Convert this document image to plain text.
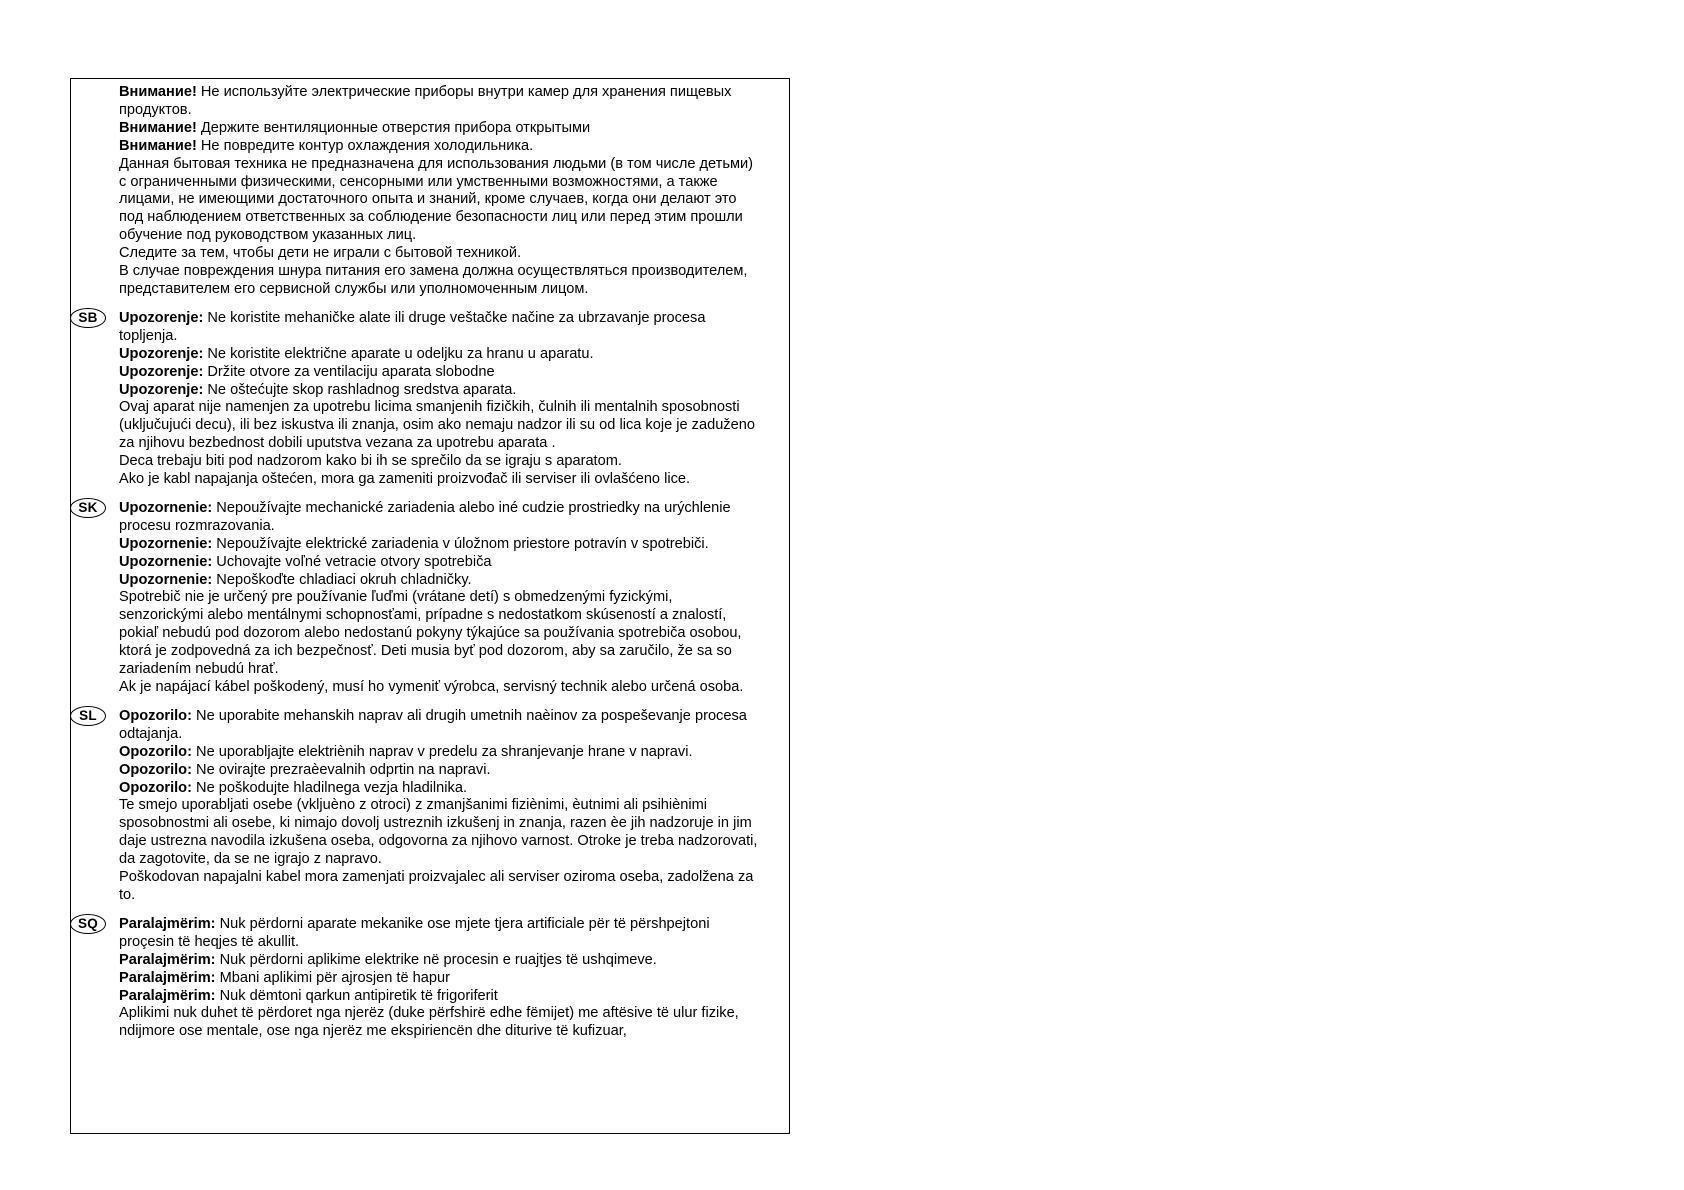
Внимание! Не используйте электрические приборы внутри камер для хранения пищевых продуктов.

Внимание! Держите вентиляционные отверстия прибора открытыми

Внимание! Не повредите контур охлаждения холодильника.

Данная бытовая техника не предназначена для использования людьми (в том числе детьми) с ограниченными физическими, сенсорными или умственными возможностями, а также лицами, не имеющими достаточного опыта и знаний, кроме случаев, когда они делают это под наблюдением ответственных за соблюдение безопасности лиц или перед этим прошли обучение под руководством указанных лиц.

Следите за тем, чтобы дети не играли с бытовой техникой.

В случае повреждения шнура питания его замена должна осуществляться производителем, представителем его сервисной службы или уполномоченным лицом.

SB	Upozorenje: Ne koristite mehaničke alate ili druge veštačke načine za ubrzavanje procesa topljenja.

Upozorenje: Ne koristite električne aparate u odeljku za hranu u aparatu.

Upozorenje: Držite otvore za ventilaciju aparata slobodne

Upozorenje: Ne oštećujte skop rashladnog sredstva aparata.

Ovaj aparat nije namenjen za upotrebu licima smanjenih fizičkih, čulnih ili mentalnih sposobnosti (uključujući decu), ili bez iskustva ili znanja, osim ako nemaju nadzor ili su od lica koje je zaduženo za njihovu bezbednost dobili uputstva vezana za upotrebu aparata .

Deca trebaju biti pod nadzorom kako bi ih se sprečilo da se igraju s aparatom.

Ako je kabl napajanja oštećen, mora ga zameniti proizvođač ili serviser ili ovlašćeno lice.

SK	Upozornenie: Nepoužívajte mechanické zariadenia alebo iné cudzie prostriedky na urýchlenie procesu rozmrazovania.

Upozornenie: Nepoužívajte elektrické zariadenia v úložnom priestore potravín v spotrebiči.

Upozornenie: Uchovajte voľné vetracie otvory spotrebiča

Upozornenie: Nepoškoďte chladiaci okruh chladničky.

Spotrebič nie je určený pre používanie ľuďmi (vrátane detí) s obmedzenými fyzickými, senzorickými alebo mentálnymi schopnosťami, prípadne s nedostatkom skúseností a znalostí, pokiaľ nebudú pod dozorom alebo nedostanú pokyny týkajúce sa používania spotrebiča osobou, ktorá je zodpovedná za ich bezpečnosť. Deti musia byť pod dozorom, aby sa zaručilo, že sa so zariadením nebudú hrať.

Ak je napájací kábel poškodený, musí ho vymeniť výrobca, servisný technik alebo určená osoba.

SL	Opozorilo: Ne uporabite mehanskih naprav ali drugih umetnih naèinov za pospeševanje procesa odtajanja.

Opozorilo: Ne uporabljajte elektriènih naprav v predelu za shranjevanje hrane v napravi.

Opozorilo: Ne ovirajte prezraèevalnih odprtin na napravi.

Opozorilo: Ne poškodujte hladilnega vezja hladilnika.

Te smejo uporabljati osebe (vkljuèno z otroci) z zmanjšanimi fiziènimi, èutnimi ali psihiènimi sposobnostmi ali osebe, ki nimajo dovolj ustreznih izkušenj in znanja, razen èe jih nadzoruje in jim daje ustrezna navodila izkušena oseba, odgovorna za njihovo varnost. Otroke je treba nadzorovati, da zagotovite, da se ne igrajo z napravo.

Poškodovan napajalni kabel mora zamenjati proizvajalec ali serviser oziroma oseba, zadolžena za to.

SQ	Paralajmërim: Nuk përdorni aparate mekanike ose mjete tjera artificiale për të përshpejtoni proçesin të heqjes të akullit.

Paralajmërim: Nuk përdorni aplikime elektrike në procesin e ruajtjes të ushqimeve.

Paralajmërim: Mbani aplikimi për ajrosjen të hapur

Paralajmërim: Nuk dëmtoni qarkun antipiretik të frigoriferit

Aplikimi nuk duhet të përdoret nga njerëz (duke përfshirë edhe fëmijet) me aftësive të ulur fizike, ndijmore ose mentale, ose nga njerëz me ekspiriencën dhe diturive të kufizuar,
